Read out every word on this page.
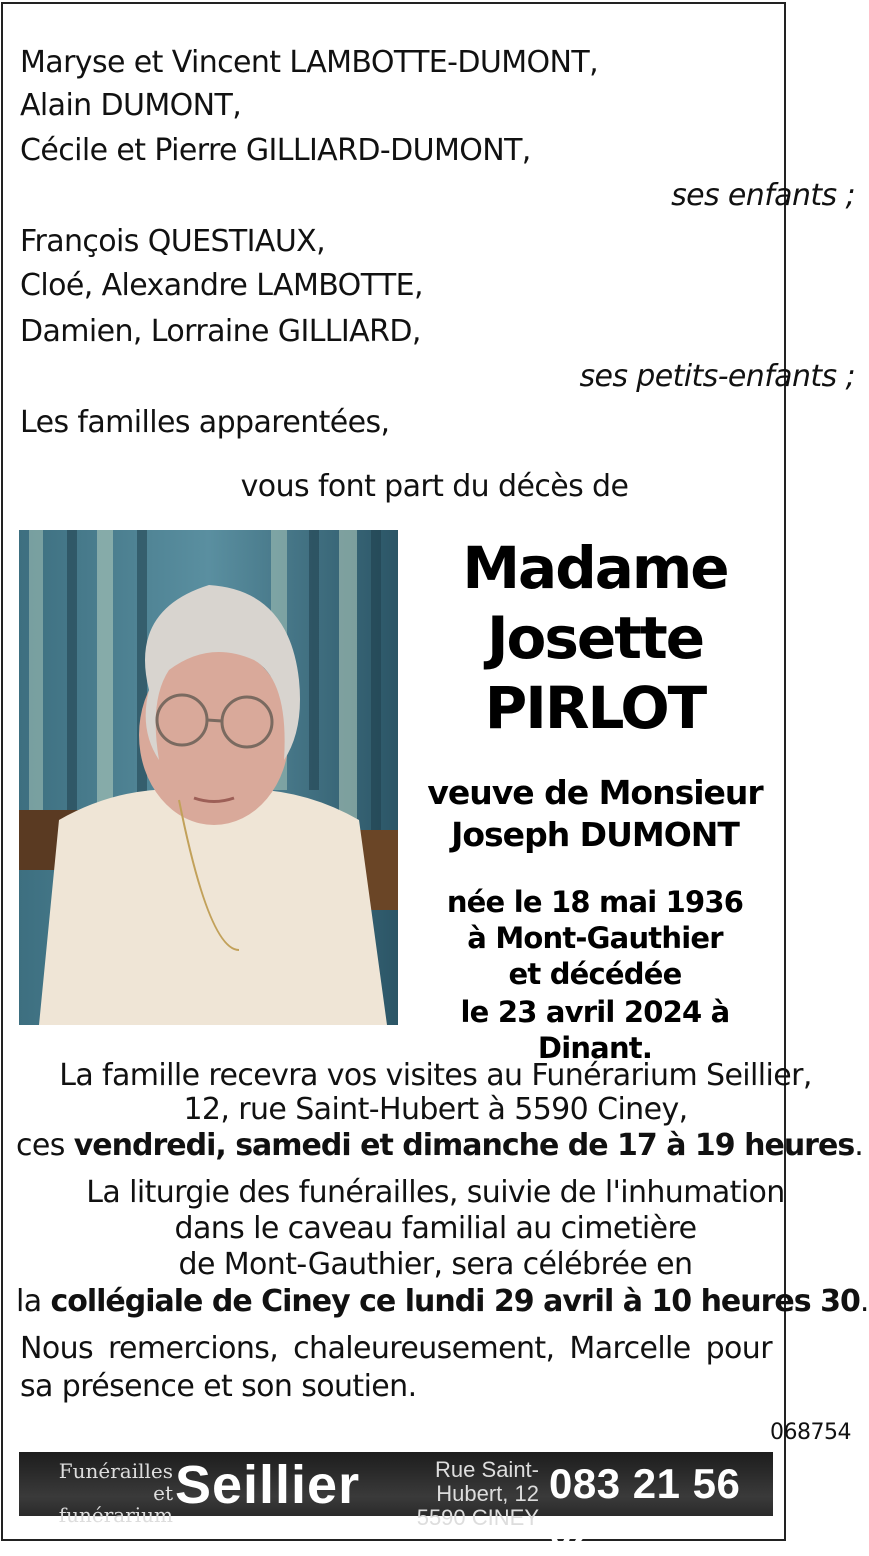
Maryse et Vincent LAMBOTTE-DUMONT,
Alain DUMONT,
Cécile et Pierre GILLIARD-DUMONT,
ses enfants ;
François QUESTIAUX,
Cloé, Alexandre LAMBOTTE,
Damien, Lorraine GILLIARD,
ses petits-enfants ;
Les familles apparentées,
vous font part du décès de
Madame
Josette
PIRLOT
veuve de Monsieur
Joseph DUMONT
née le 18 mai 1936
à Mont-Gauthier
et décédée
le 23 avril 2024 à Dinant.
La famille recevra vos visites au Funérarium Seillier,
12, rue Saint-Hubert à 5590 Ciney,
ces vendredi, samedi et dimanche de 17 à 19 heures.
La liturgie des funérailles, suivie de l'inhumation
dans le caveau familial au cimetière
de Mont-Gauthier, sera célébrée en
la collégiale de Ciney ce lundi 29 avril à 10 heures 30.
Nous remercions, chaleureusement, Marcelle pour
sa présence et son soutien.
068754
Funérailles
et funérarium Seillier	Rue Saint-Hubert, 12
5590 CINEY
083 21 56 02
